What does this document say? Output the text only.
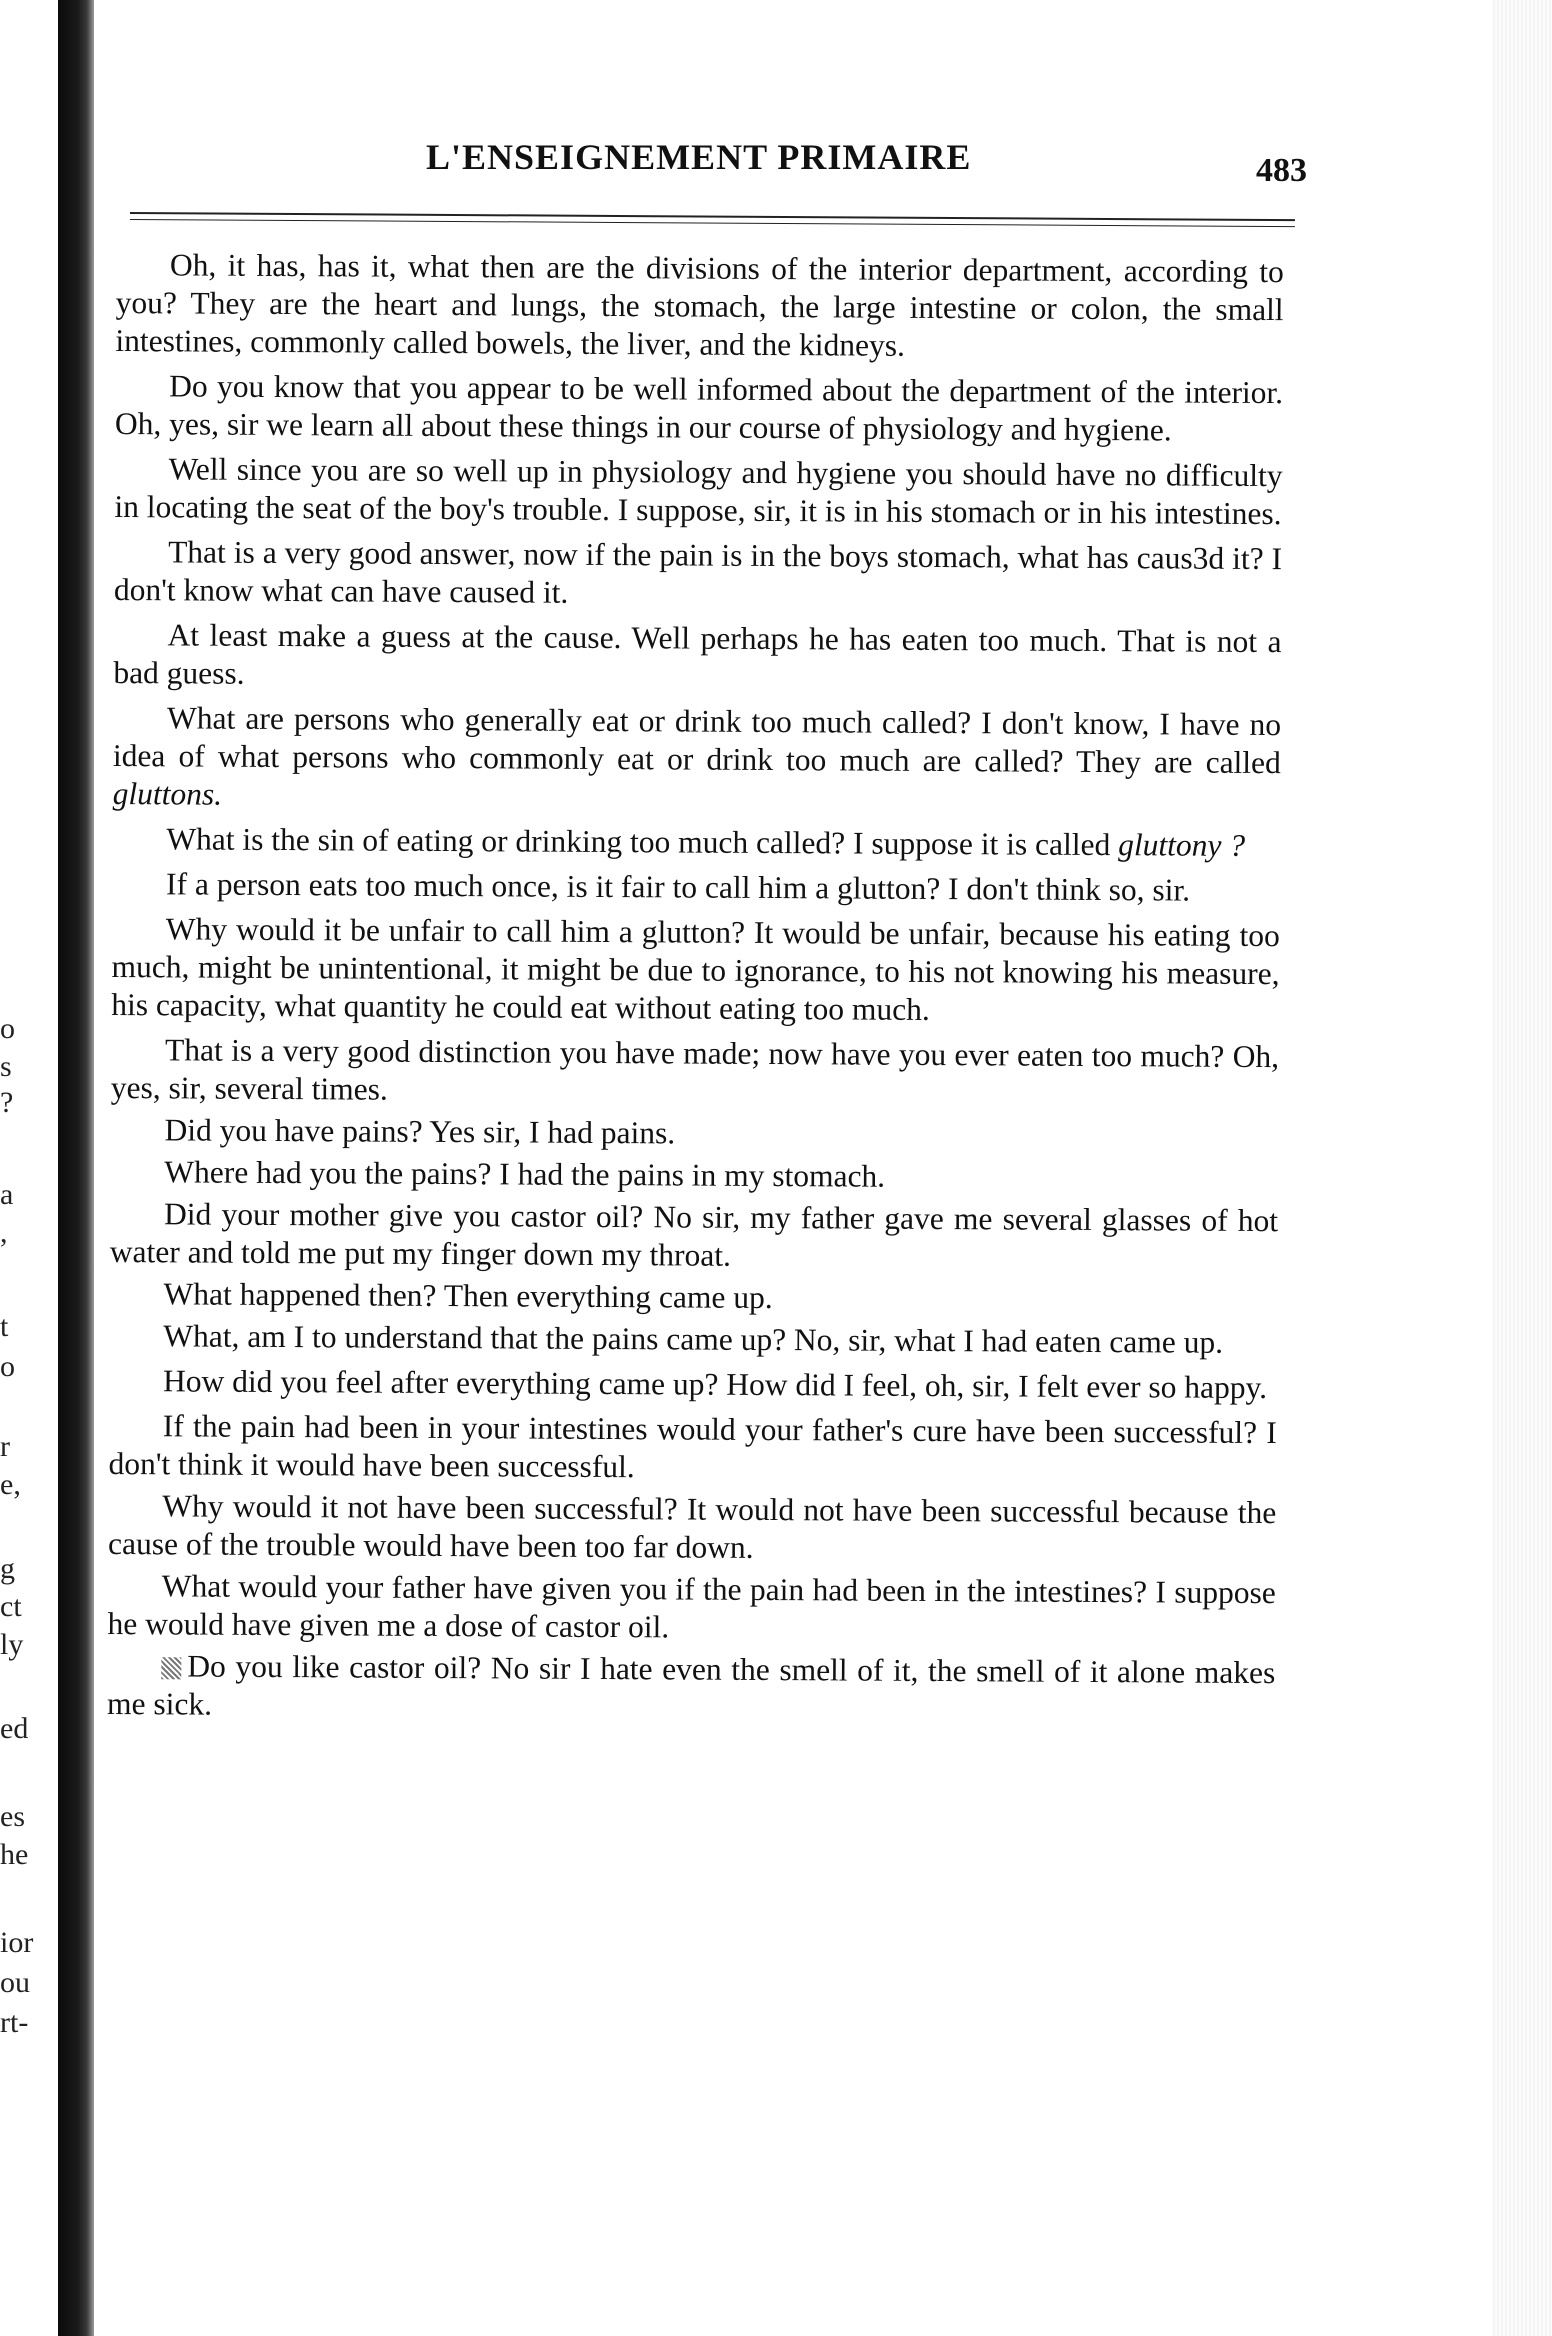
o
s
?
a
,
t
o
r
e,
g
ct
ly
ed
es
he
ior
ou
rt-
L'ENSEIGNEMENT PRIMAIRE	483

Oh, it has, has it, what then are the divisions of the interior department, according to you? They are the heart and lungs, the stomach, the large intestine or colon, the small intestines, commonly called bowels, the liver, and the kidneys.

Do you know that you appear to be well informed about the department of the interior. Oh, yes, sir we learn all about these things in our course of physiology and hygiene.

Well since you are so well up in physiology and hygiene you should have no difficulty in locating the seat of the boy's trouble. I suppose, sir, it is in his stomach or in his intestines.

That is a very good answer, now if the pain is in the boys stomach, what has caus3d it? I don't know what can have caused it.

At least make a guess at the cause. Well perhaps he has eaten too much. That is not a bad guess.

What are persons who generally eat or drink too much called? I don't know, I have no idea of what persons who commonly eat or drink too much are called? They are called gluttons.

What is the sin of eating or drinking too much called? I suppose it is called gluttony ?

If a person eats too much once, is it fair to call him a glutton? I don't think so, sir.

Why would it be unfair to call him a glutton? It would be unfair, because his eating too much, might be unintentional, it might be due to ignorance, to his not knowing his measure, his capacity, what quantity he could eat without eating too much.

That is a very good distinction you have made; now have you ever eaten too much? Oh, yes, sir, several times.

Did you have pains? Yes sir, I had pains.

Where had you the pains? I had the pains in my stomach.

Did your mother give you castor oil? No sir, my father gave me several glasses of hot water and told me put my finger down my throat.

What happened then? Then everything came up.

What, am I to understand that the pains came up? No, sir, what I had eaten came up.

How did you feel after everything came up? How did I feel, oh, sir, I felt ever so happy.

If the pain had been in your intestines would your father's cure have been successful? I don't think it would have been successful.

Why would it not have been successful? It would not have been successful because the cause of the trouble would have been too far down.

What would your father have given you if the pain had been in the intestines? I suppose he would have given me a dose of castor oil.

Do you like castor oil? No sir I hate even the smell of it, the smell of it alone makes me sick.
